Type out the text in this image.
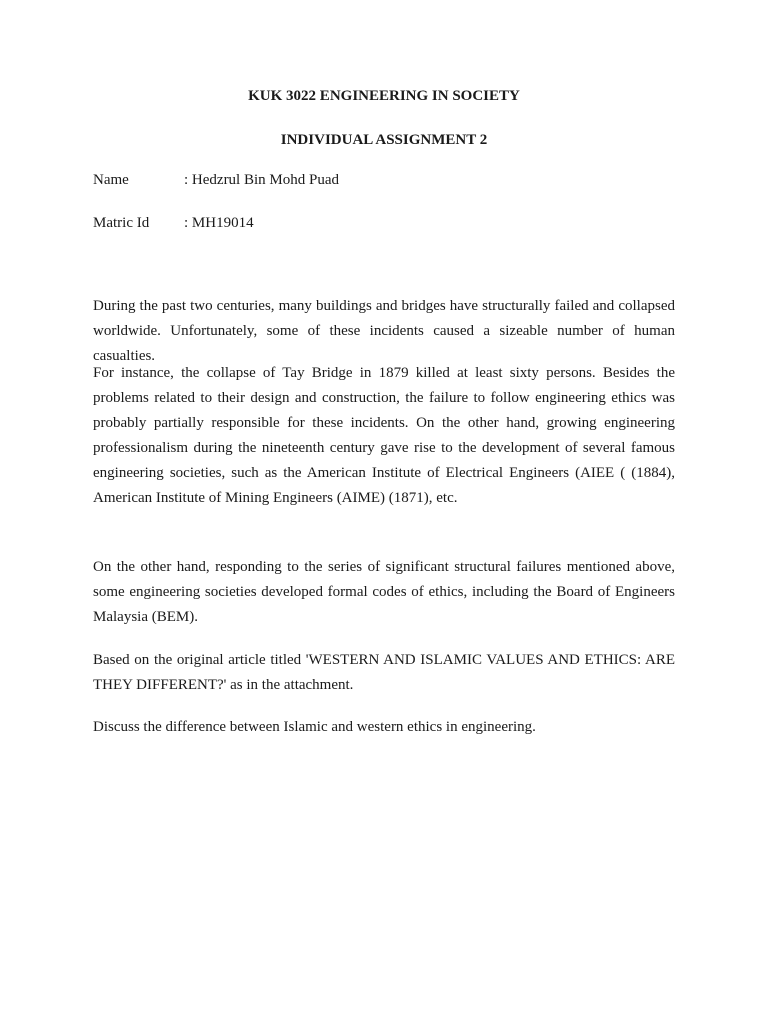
KUK 3022 ENGINEERING IN SOCIETY
INDIVIDUAL ASSIGNMENT 2
Name	: Hedzrul Bin Mohd Puad
Matric Id : MH19014

During the past two centuries, many buildings and bridges have structurally failed and collapsed worldwide. Unfortunately, some of these incidents caused a sizeable number of human casualties.

For instance, the collapse of Tay Bridge in 1879 killed at least sixty persons. Besides the problems related to their design and construction, the failure to follow engineering ethics was probably partially responsible for these incidents. On the other hand, growing engineering professionalism during the nineteenth century gave rise to the development of several famous engineering societies, such as the American Institute of Electrical Engineers (AIEE ( (1884), American Institute of Mining Engineers (AIME) (1871), etc.

On the other hand, responding to the series of significant structural failures mentioned above, some engineering societies developed formal codes of ethics, including the Board of Engineers Malaysia (BEM).

Based on the original article titled 'WESTERN AND ISLAMIC VALUES AND ETHICS: ARE THEY DIFFERENT?' as in the attachment.

Discuss the difference between Islamic and western ethics in engineering.
